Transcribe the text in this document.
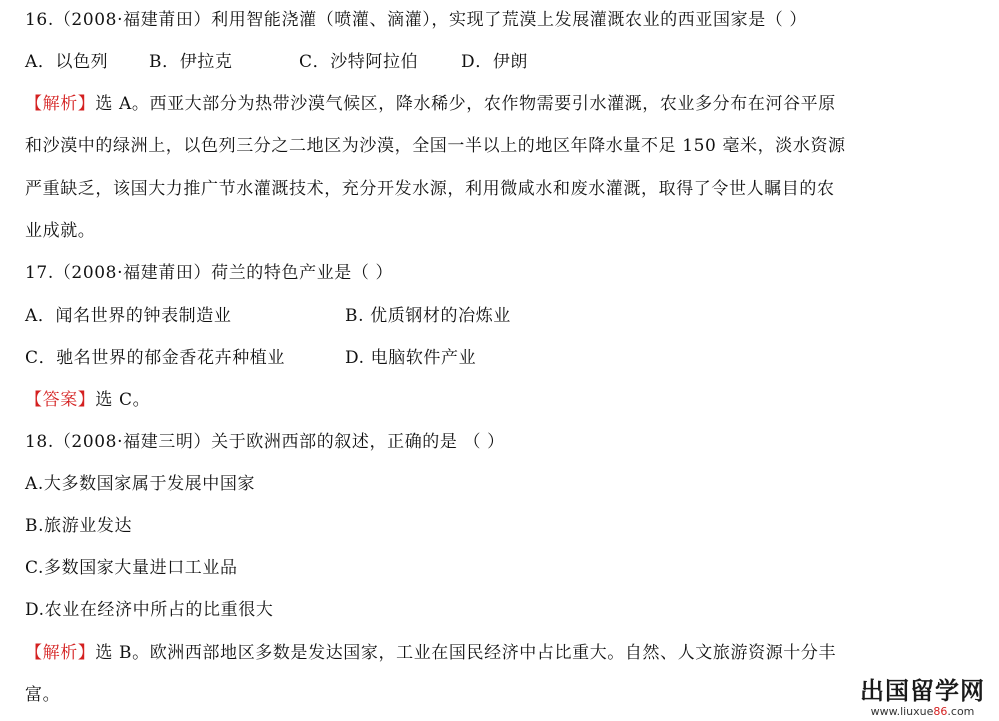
16.（2008·福建莆田）利用智能浇灌（喷灌、滴灌），实现了荒漠上发展灌溉农业的西亚国家是（ ）
A．以色列 B．伊拉克	C．沙特阿拉伯	D．伊朗
【解析】选 A。西亚大部分为热带沙漠气候区，降水稀少，农作物需要引水灌溉，农业多分布在河谷平原
和沙漠中的绿洲上，以色列三分之二地区为沙漠，全国一半以上的地区年降水量不足 150 毫米，淡水资源
严重缺乏，该国大力推广节水灌溉技术，充分开发水源，利用微咸水和废水灌溉，取得了令世人瞩目的农
业成就。
17.（2008·福建莆田）荷兰的特色产业是（ ）
A．闻名世界的钟表制造业	B. 优质钢材的冶炼业
C．驰名世界的郁金香花卉种植业	D. 电脑软件产业
【答案】选 C。
18.（2008·福建三明）关于欧洲西部的叙述，正确的是 （ ）
A.大多数国家属于发展中国家
B.旅游业发达
C.多数国家大量进口工业品
D.农业在经济中所占的比重很大
【解析】选 B。欧洲西部地区多数是发达国家，工业在国民经济中占比重大。自然、人文旅游资源十分丰
富。	出国留学网
www.liuxue86.com
